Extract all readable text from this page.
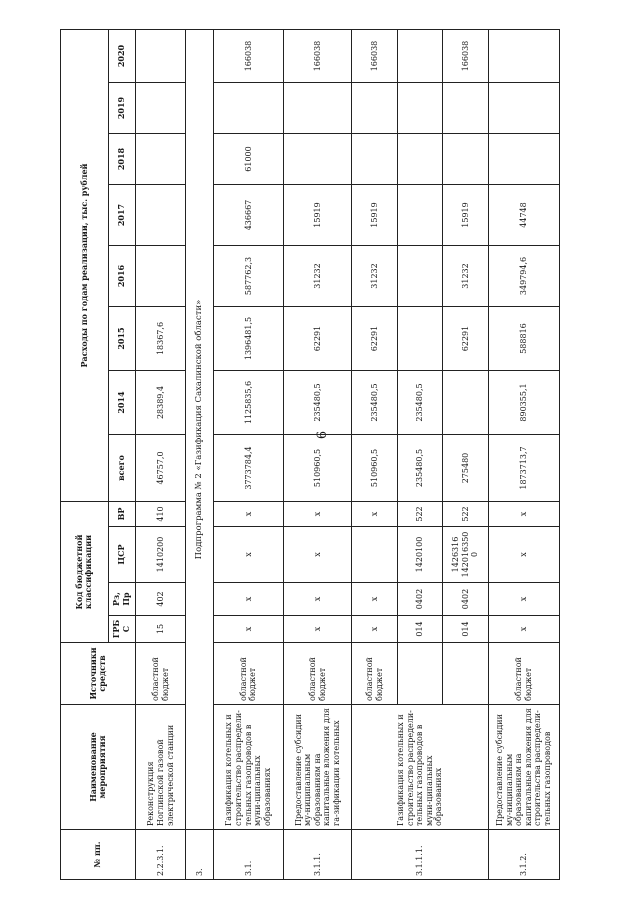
9
№ пп.	Наименование мероприятия	Источники средств	Код бюджетной классификации				Расходы по годам реализации, тыс. рублей							
			ГРБС	Рз, Пр	ЦСР	ВР	всего	2014	2015	2016	2017	2018	2019	2020
2.2.3.1.	Реконструкция Ноглинской газовой электрической станции	областной бюджет	15	402	1410200	410	46757,0	28389,4	18367,6					
3.	Подпрограмма № 2 «Газификация Сахалинской области»													
3.1.	Газификация котельных и строительство распредели-тельных газопроводов в муни-ципальных образованиях	областной бюджет	x	x	x	x	3773784,4	1125835,6	1396481,5	587762,3	436667	61000		166038
3.1.1.	Предоставление субсидии му-ниципальным образованиям на капитальные вложения для га-зификации котельных	областной бюджет	x	x	x	x	510960,5	235480,5	62291	31232	15919			166038
3.1.1.1.	Газификация котельных и строительство распредели-тельных газопроводов в муни-ципальных образованиях	областной бюджет	x	x		x	510960,5	235480,5	62291	31232	15919			166038
			014	0402	1420100	522	235480,5	235480,5						
			014	0402	1426316 1420163500	522	275480		62291	31232	15919			166038
3.1.2.	Предоставление субсидии му-ниципальным образованиям на капитальные вложения для строительства распредели-тельных газопроводов	областной бюджет	x	x	x	x	1873713,7	890355,1	588816	349794,6	44748			
